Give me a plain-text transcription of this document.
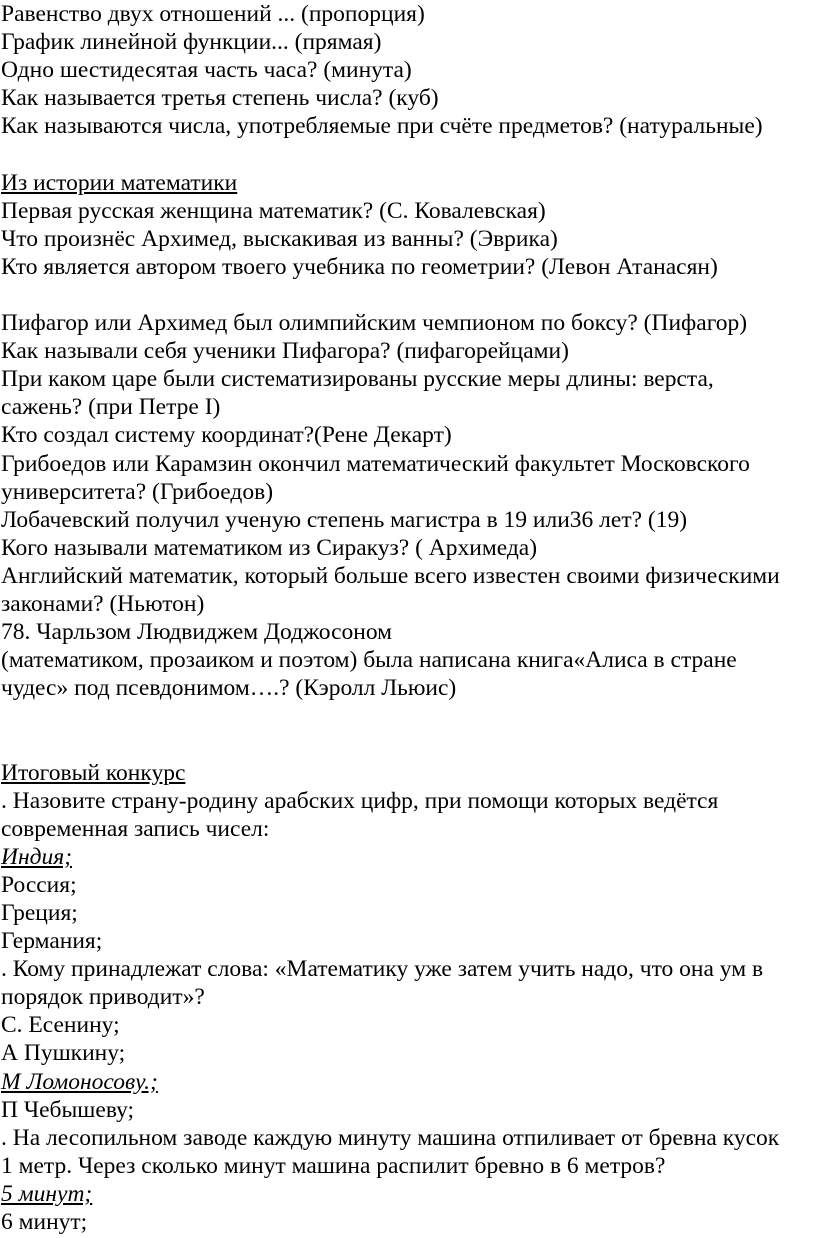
Равенство двух отношений ... (пропорция)
График линейной функции... (прямая)
Одно шестидесятая часть часа? (минута)
Как называется третья степень числа? (куб)
Как называются числа, употребляемые при счёте предметов? (натуральные)
Из истории математики
Первая русская женщина математик? (С. Ковалевская)
Что произнёс Архимед, выскакивая из ванны? (Эврика)
Кто является автором твоего учебника по геометрии? (Левон Атанасян)
Пифагор или Архимед был олимпийским чемпионом по боксу? (Пифагор)
Как называли себя ученики Пифагора? (пифагорейцами)
При каком царе были систематизированы русские меры длины: верста,
сажень? (при Петре I)
Кто создал систему координат?(Рене Декарт)
Грибоедов или Карамзин окончил математический факультет Московского
университета? (Грибоедов)
Лобачевский получил ученую степень магистра в 19 или36 лет? (19)
Кого называли математиком из Сиракуз? ( Архимеда)
Английский математик, который больше всего известен своими физическими
законами? (Ньютон)
78. Чарльзом Людвиджем Доджосоном
(математиком, прозаиком и поэтом) была написана книга«Алиса в стране
чудес» под псевдонимом….? (Кэролл Льюис)
Итоговый конкурс
. Назовите страну-родину арабских цифр, при помощи которых ведётся
современная запись чисел:
Индия;
Россия;
Греция;
Германия;
. Кому принадлежат слова: «Математику уже затем учить надо, что она ум в
порядок приводит»?
С. Есенину;
А Пушкину;
М Ломоносову.;
П Чебышеву;
. На лесопильном заводе каждую минуту машина отпиливает от бревна кусок
1 метр. Через сколько минут машина распилит бревно в 6 метров?
5 минут;
6 минут;
